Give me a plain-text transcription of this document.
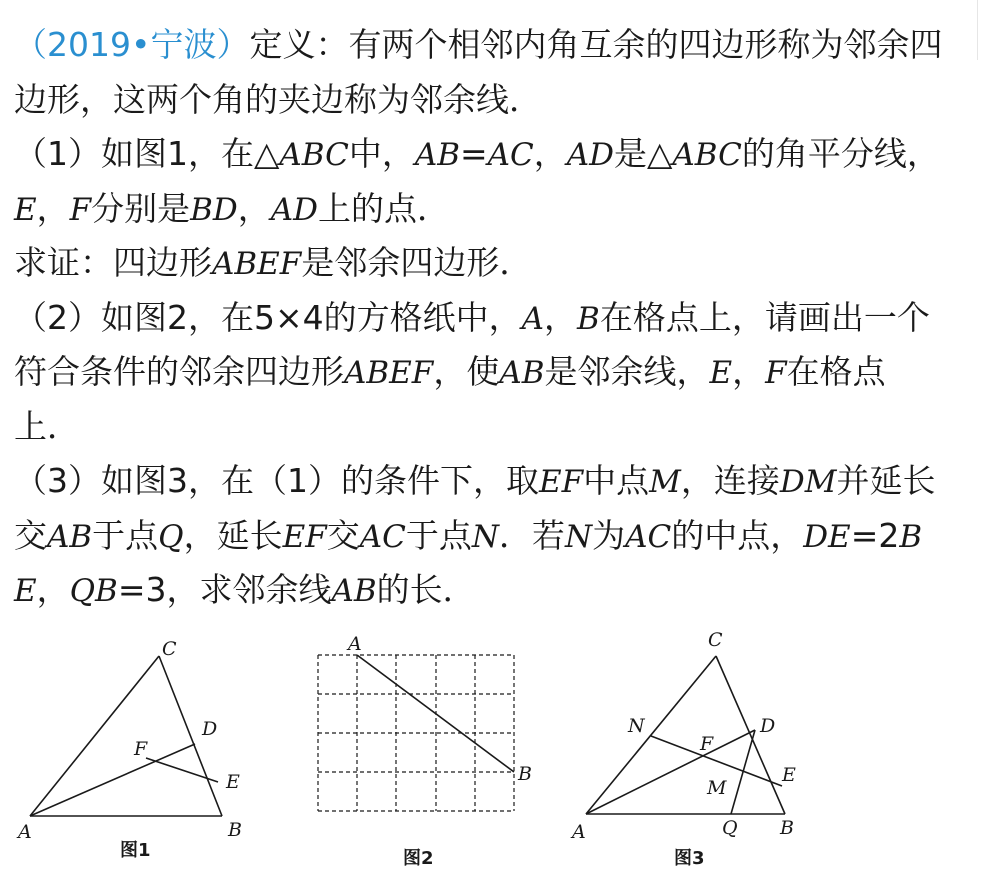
（2019•宁波）定义：有两个相邻内角互余的四边形称为邻余四
边形，这两个角的夹边称为邻余线．
（1）如图1，在△ABC中，AB=AC，AD是△ABC的角平分线，
E，F分别是BD，AD上的点．
求证：四边形ABEF是邻余四边形．
（2）如图2，在5×4的方格纸中，A，B在格点上，请画出一个
符合条件的邻余四边形ABEF，使AB是邻余线，E，F在格点
上．
（3）如图3，在（1）的条件下，取EF中点M，连接DM并延长
交AB于点Q，延长EF交AC于点N．若N为AC的中点，DE=2B
E，QB=3，求邻余线AB的长．
C
D
F
E
A	B
图1
A
B
图2
C
N	D
F
E
M
A	Q B
图3
